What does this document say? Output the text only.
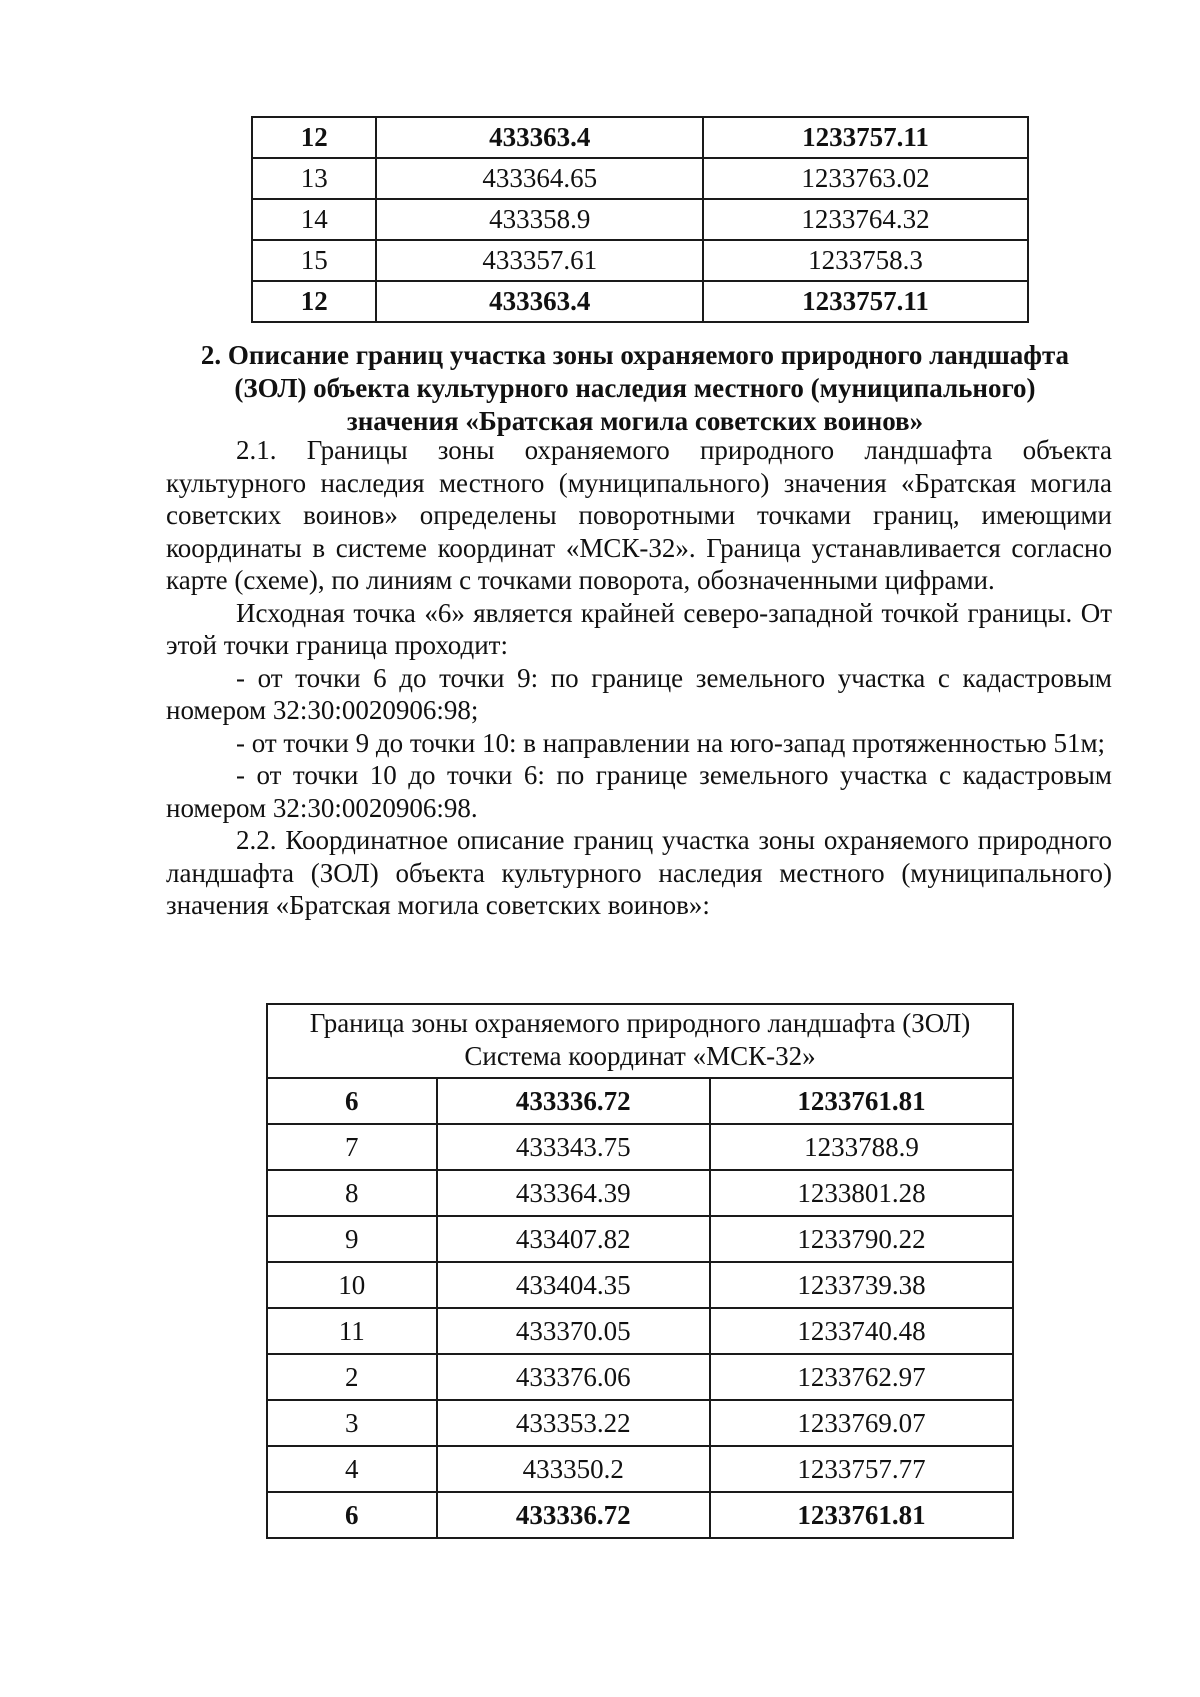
12	433363.4	1233757.11
13	433364.65	1233763.02
14	433358.9	1233764.32
15	433357.61	1233758.3
12	433363.4	1233757.11
2. Описание границ участка зоны охраняемого природного ландшафта
(ЗОЛ) объекта культурного наследия местного (муниципального)
значения «Братская могила советских воинов»

2.1. Границы зоны охраняемого природного ландшафта объекта культурного наследия местного (муниципального) значения «Братская могила советских воинов» определены поворотными точками границ, имеющими координаты в системе координат «МСК-32». Граница устанавливается согласно карте (схеме), по линиям с точками поворота, обозначенными цифрами.

Исходная точка «6» является крайней северо-западной точкой границы. От этой точки граница проходит:

- от точки 6 до точки 9: по границе земельного участка с кадастровым номером 32:30:0020906:98;

- от точки 9 до точки 10: в направлении на юго-запад протяженностью 51м;

- от точки 10 до точки 6: по границе земельного участка с кадастровым номером 32:30:0020906:98.

2.2. Координатное описание границ участка зоны охраняемого природного ландшафта (ЗОЛ) объекта культурного наследия местного (муниципального) значения «Братская могила советских воинов»:

Граница зоны охраняемого природного ландшафта (ЗОЛ)
Система координат «МСК-32»		

6	433336.72	1233761.81
7	433343.75	1233788.9
8	433364.39	1233801.28
9	433407.82	1233790.22
10	433404.35	1233739.38
11	433370.05	1233740.48
2	433376.06	1233762.97
3	433353.22	1233769.07
4	433350.2	1233757.77
6	433336.72	1233761.81
